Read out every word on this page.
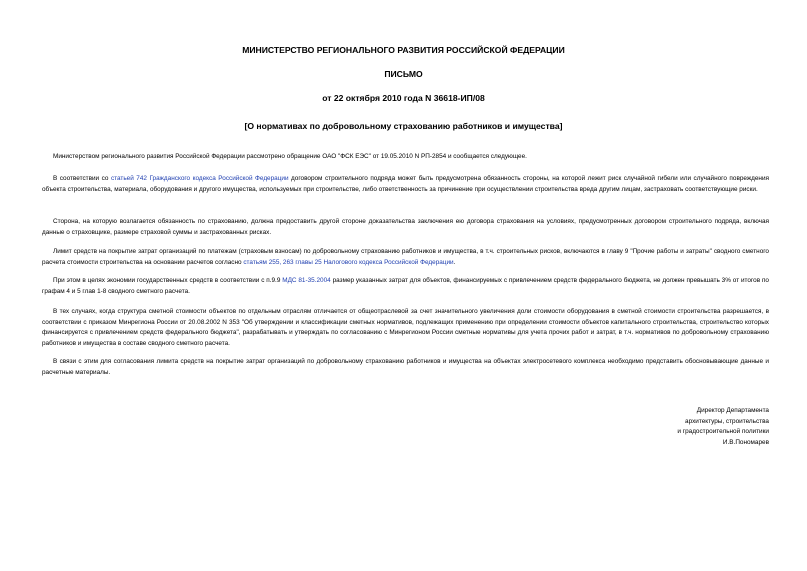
МИНИСТЕРСТВО РЕГИОНАЛЬНОГО РАЗВИТИЯ РОССИЙСКОЙ ФЕДЕРАЦИИ
ПИСЬМО
от 22 октября 2010 года N 36618-ИП/08
[О нормативах по добровольному страхованию работников и имущества]
Министерством регионального развития Российской Федерации рассмотрено обращение ОАО "ФСК ЕЭС" от 19.05.2010 N РП-2854 и сообщается следующее.
В соответствии со статьей 742 Гражданского кодекса Российской Федерации договором строительного подряда может быть предусмотрена обязанность стороны, на которой лежит риск случайной гибели или случайного повреждения объекта строительства, материала, оборудования и другого имущества, используемых при строительстве, либо ответственность за причинение при осуществлении строительства вреда другим лицам, застраховать соответствующие риски.
Сторона, на которую возлагается обязанность по страхованию, должна предоставить другой стороне доказательства заключения ею договора страхования на условиях, предусмотренных договором строительного подряда, включая данные о страховщике, размере страховой суммы и застрахованных рисках.
Лимит средств на покрытие затрат организаций по платежам (страховым взносам) по добровольному страхованию работников и имущества, в т.ч. строительных рисков, включаются в главу 9 "Прочие работы и затраты" сводного сметного расчета стоимости строительства на основании расчетов согласно статьям 255, 263 главы 25 Налогового кодекса Российской Федерации.
При этом в целях экономии государственных средств в соответствии с п.9.9 МДС 81-35.2004 размер указанных затрат для объектов, финансируемых с привлечением средств федерального бюджета, не должен превышать 3% от итогов по графам 4 и 5 глав 1-8 сводного сметного расчета.
В тех случаях, когда структура сметной стоимости объектов по отдельным отраслям отличается от общеотраслевой за счет значительного увеличения доли стоимости оборудования в сметной стоимости строительства разрешается, в соответствии с приказом Минрегиона России от 20.08.2002 N 353 "Об утверждении и классификации сметных нормативов, подлежащих применению при определении стоимости объектов капитального строительства, строительство которых финансируется с привлечением средств федерального бюджета", разрабатывать и утверждать по согласованию с Минрегионом России сметные нормативы для учета прочих работ и затрат, в т.ч. нормативов по добровольному страхованию работников и имущества в составе сводного сметного расчета.
В связи с этим для согласования лимита средств на покрытие затрат организаций по добровольному страхованию работников и имущества на объектах электросетевого комплекса необходимо представить обосновывающие данные и расчетные материалы.
Директор Департамента
архитектуры, строительства
и градостроительной политики
И.В.Пономарев
